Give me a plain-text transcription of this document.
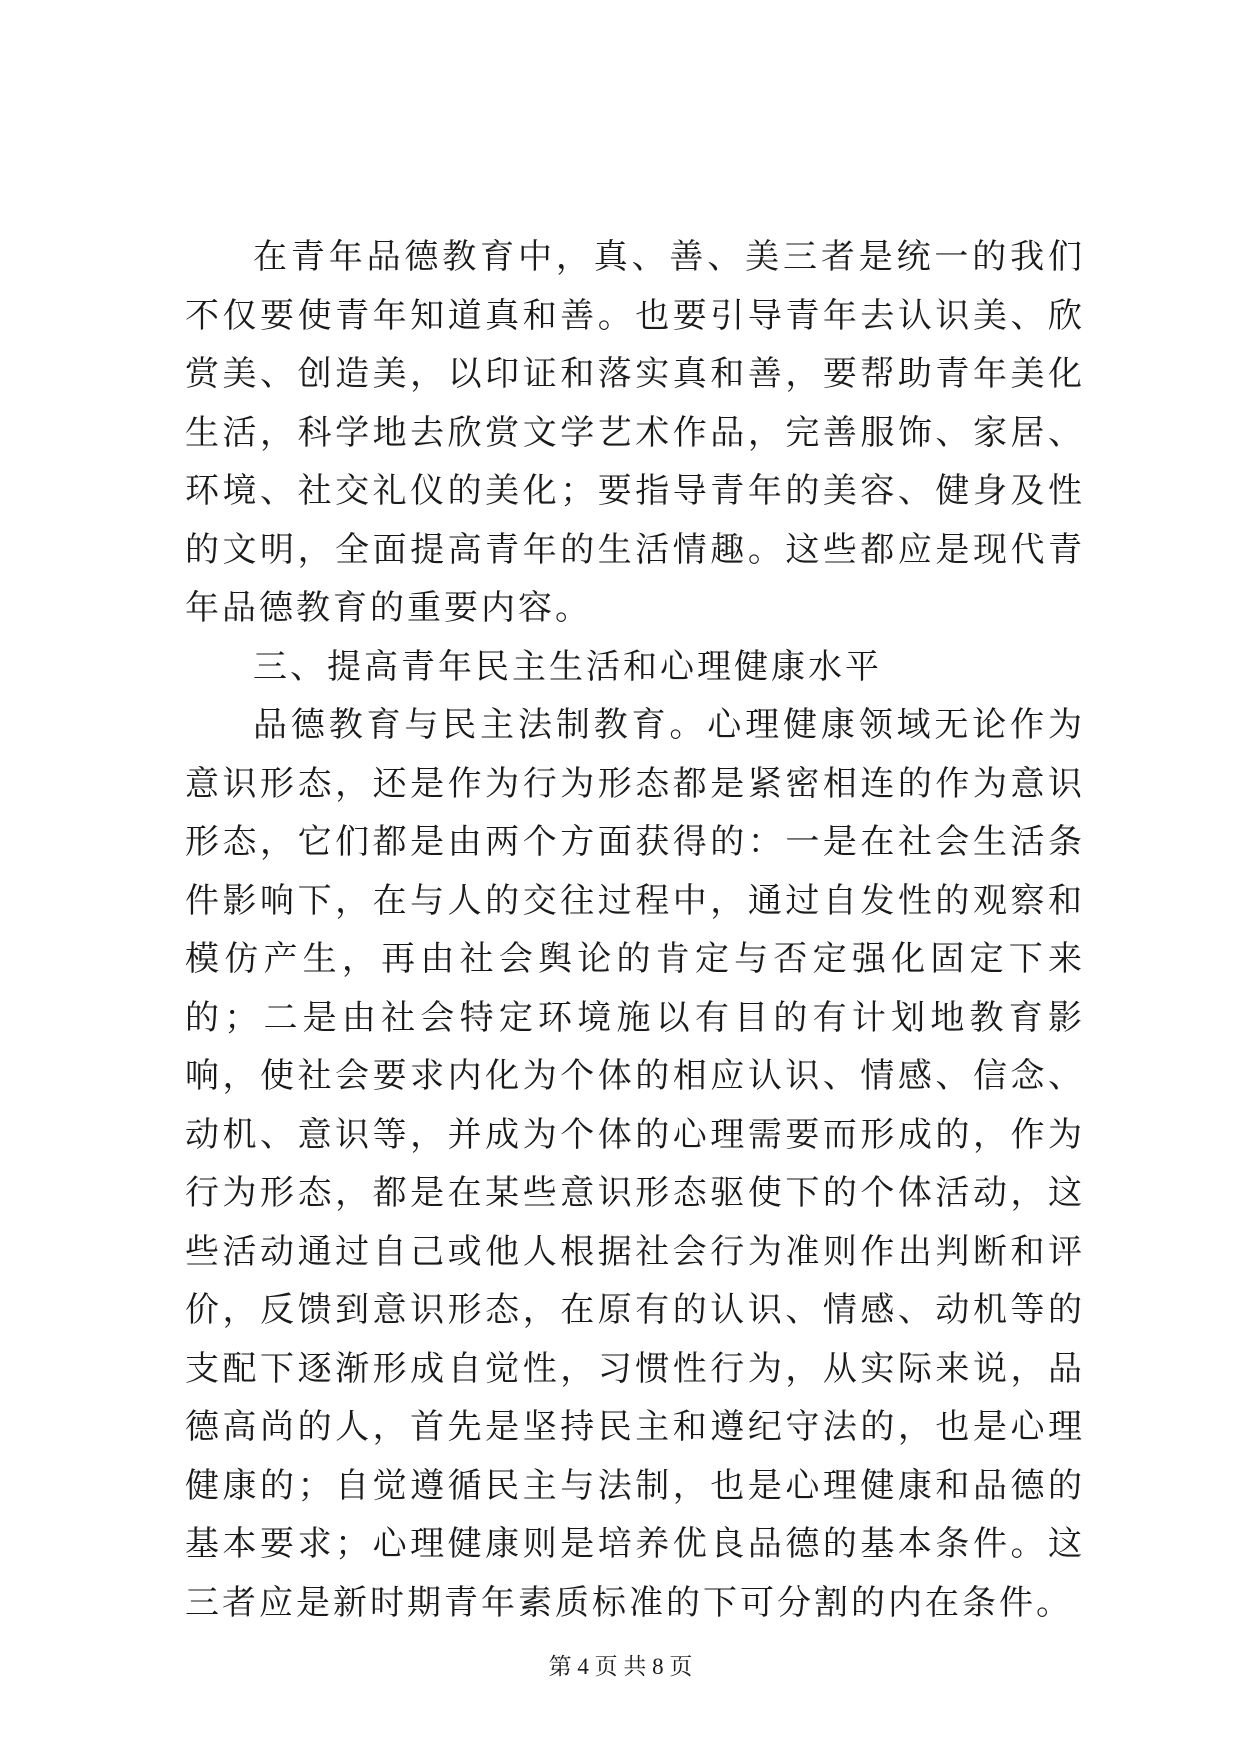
在青年品德教育中，真、善、美三者是统一的我们不仅要使青年知道真和善。也要引导青年去认识美、欣赏美、创造美，以印证和落实真和善，要帮助青年美化生活，科学地去欣赏文学艺术作品，完善服饰、家居、环境、社交礼仪的美化；要指导青年的美容、健身及性的文明，全面提高青年的生活情趣。这些都应是现代青年品德教育的重要内容。

三、提高青年民主生活和心理健康水平

品德教育与民主法制教育。心理健康领域无论作为意识形态，还是作为行为形态都是紧密相连的作为意识形态，它们都是由两个方面获得的：一是在社会生活条件影响下，在与人的交往过程中，通过自发性的观察和模仿产生，再由社会舆论的肯定与否定强化固定下来的；二是由社会特定环境施以有目的有计划地教育影响，使社会要求内化为个体的相应认识、情感、信念、动机、意识等，并成为个体的心理需要而形成的，作为行为形态，都是在某些意识形态驱使下的个体活动，这些活动通过自己或他人根据社会行为准则作出判断和评价，反馈到意识形态，在原有的认识、情感、动机等的支配下逐渐形成自觉性，习惯性行为，从实际来说，品德高尚的人，首先是坚持民主和遵纪守法的，也是心理健康的；自觉遵循民主与法制，也是心理健康和品德的基本要求；心理健康则是培养优良品德的基本条件。这三者应是新时期青年素质标准的下可分割的内在条件。

第 4 页 共 8 页
